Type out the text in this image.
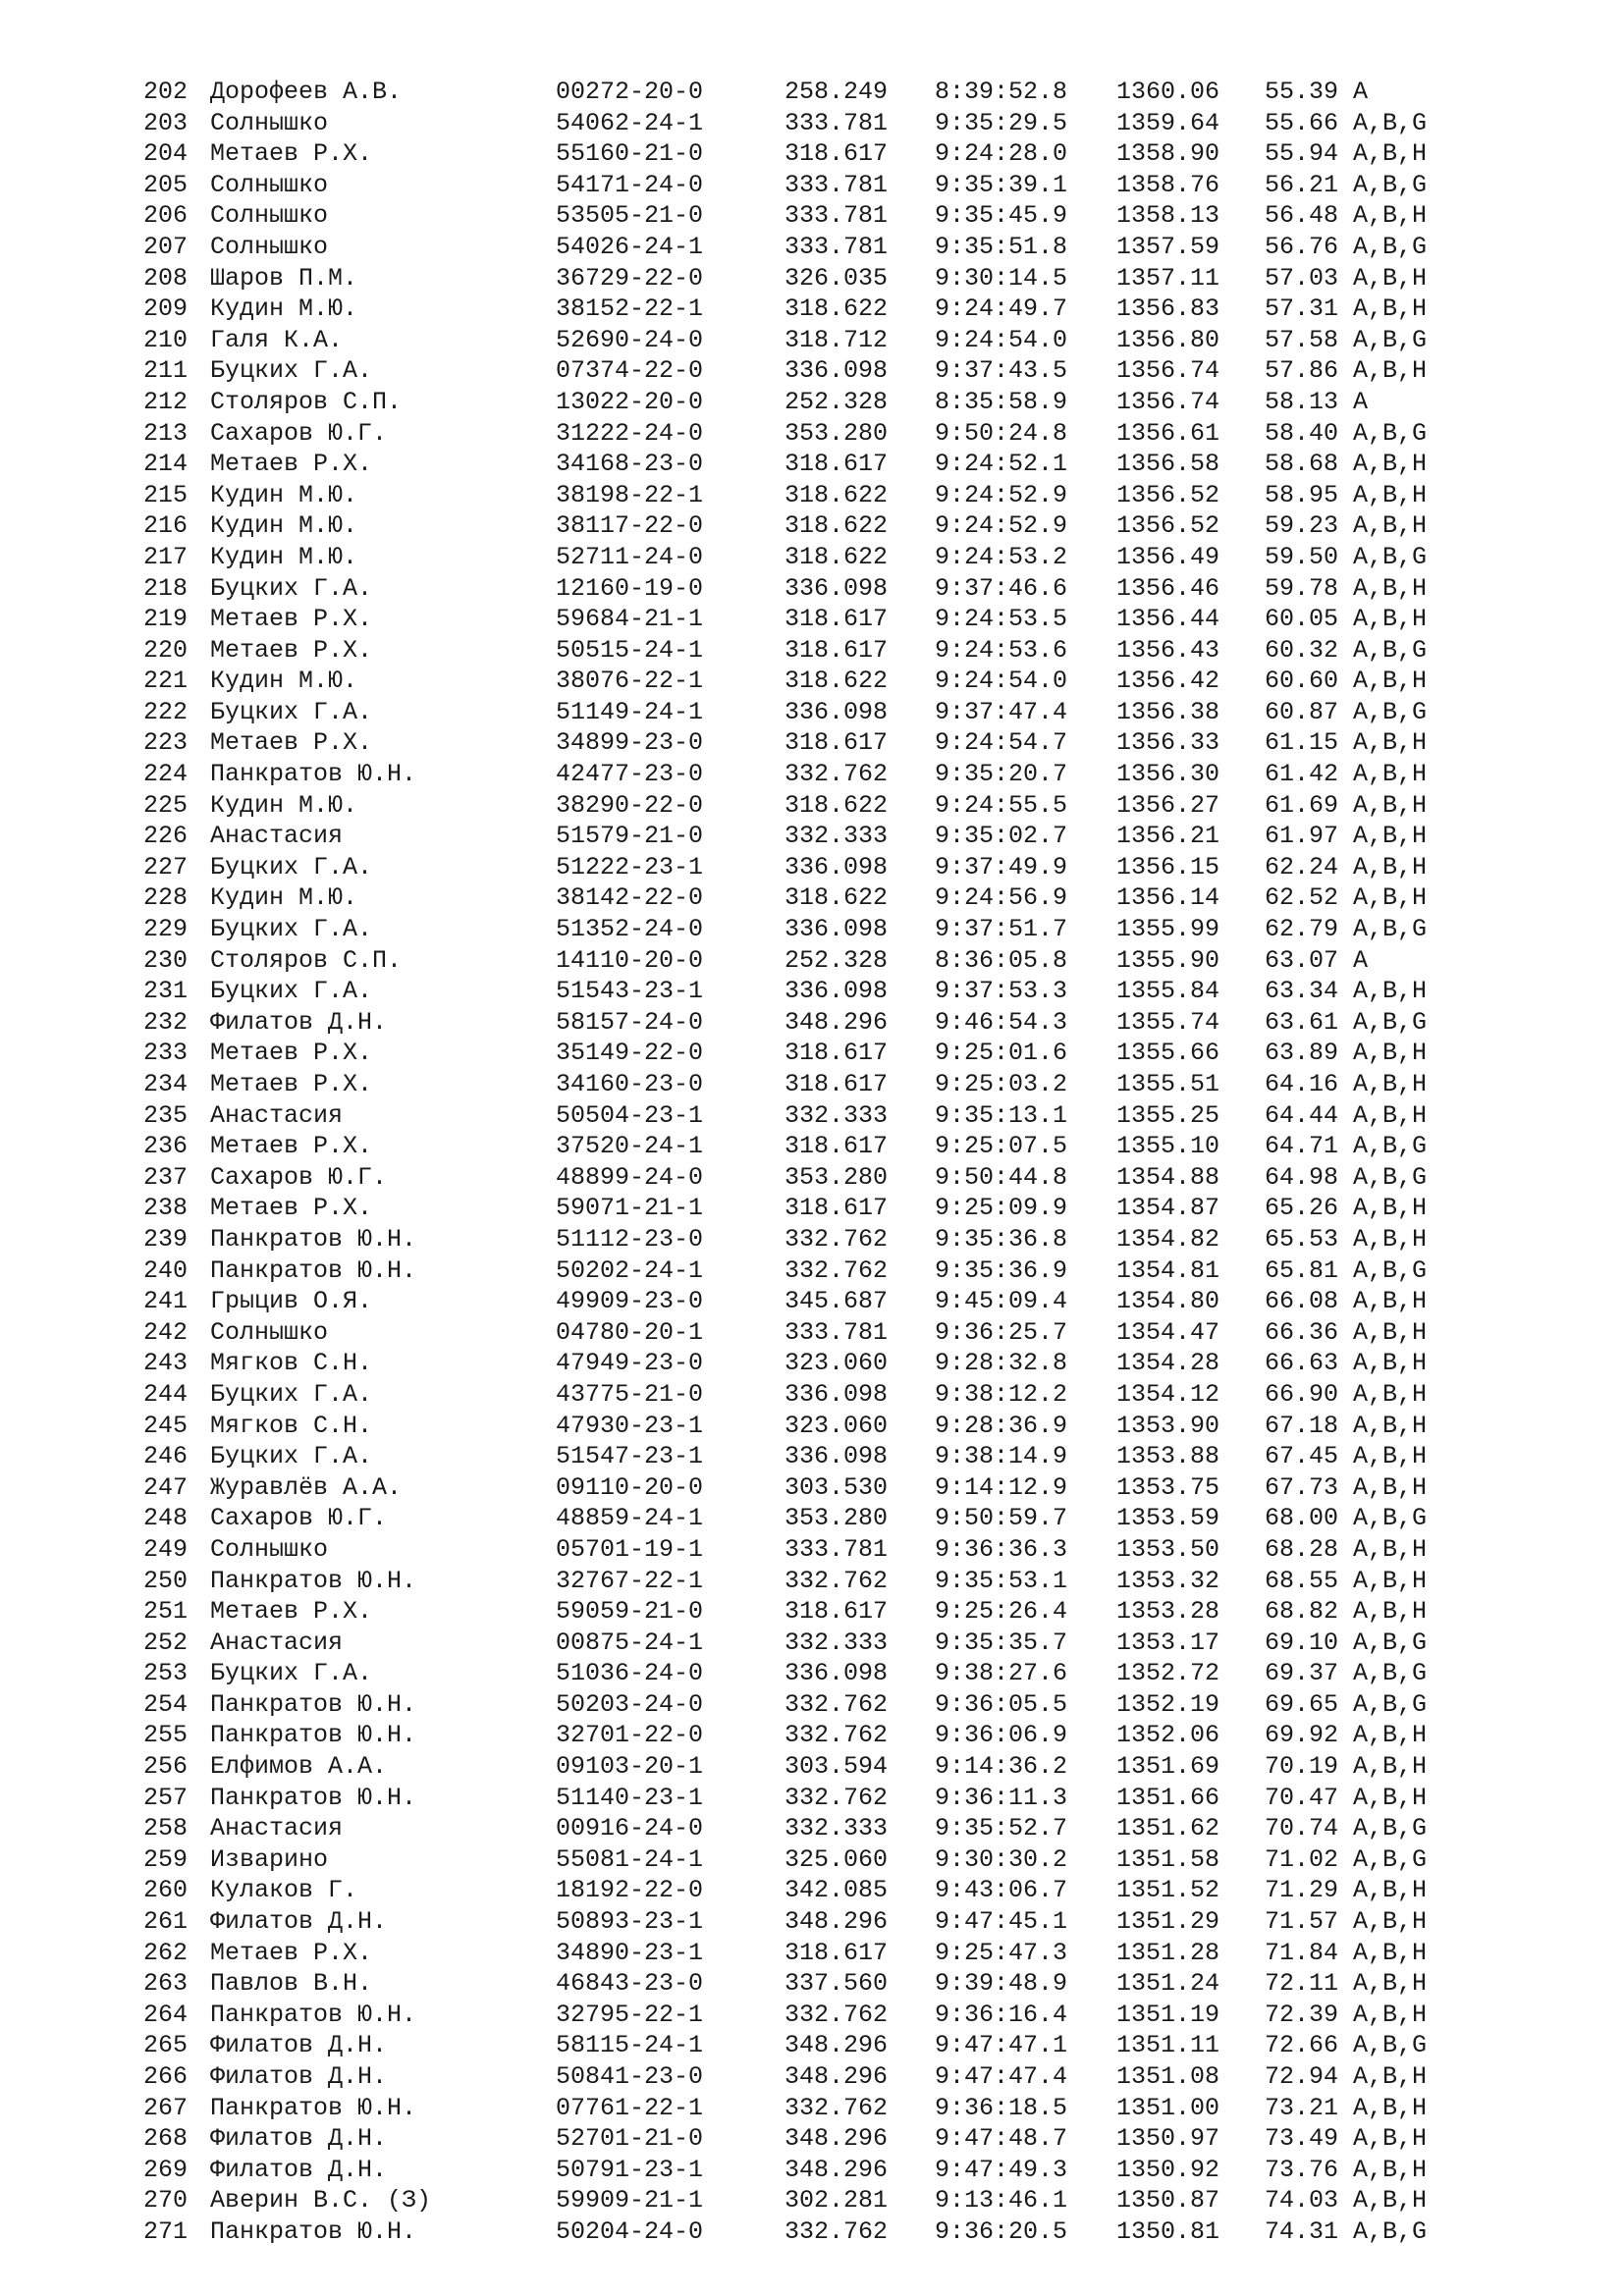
202 Дорофеев А.В.	00272-20-0	258.249 8:39:52.8 1360.06 55.39 A
203 Солнышко	54062-24-1	333.781 9:35:29.5 1359.64 55.66 A,B,G
204 Метаев Р.Х.	55160-21-0	318.617 9:24:28.0 1358.90 55.94 A,B,H
205 Солнышко	54171-24-0	333.781 9:35:39.1 1358.76 56.21 A,B,G
206 Солнышко	53505-21-0	333.781 9:35:45.9 1358.13 56.48 A,B,H
207 Солнышко	54026-24-1	333.781 9:35:51.8 1357.59 56.76 A,B,G
208 Шаров П.М.	36729-22-0	326.035 9:30:14.5 1357.11 57.03 A,B,H
209 Кудин М.Ю.	38152-22-1	318.622 9:24:49.7 1356.83 57.31 A,B,H
210 Галя К.А.	52690-24-0	318.712 9:24:54.0 1356.80 57.58 A,B,G
211 Буцких Г.А.	07374-22-0	336.098 9:37:43.5 1356.74 57.86 A,B,H
212 Столяров С.П.	13022-20-0	252.328 8:35:58.9 1356.74 58.13 A
213 Сахаров Ю.Г.	31222-24-0	353.280 9:50:24.8 1356.61 58.40 A,B,G
214 Метаев Р.Х.	34168-23-0	318.617 9:24:52.1 1356.58 58.68 A,B,H
215 Кудин М.Ю.	38198-22-1	318.622 9:24:52.9 1356.52 58.95 A,B,H
216 Кудин М.Ю.	38117-22-0	318.622 9:24:52.9 1356.52 59.23 A,B,H
217 Кудин М.Ю.	52711-24-0	318.622 9:24:53.2 1356.49 59.50 A,B,G
218 Буцких Г.А.	12160-19-0	336.098 9:37:46.6 1356.46 59.78 A,B,H
219 Метаев Р.Х.	59684-21-1	318.617 9:24:53.5 1356.44 60.05 A,B,H
220 Метаев Р.Х.	50515-24-1	318.617 9:24:53.6 1356.43 60.32 A,B,G
221 Кудин М.Ю.	38076-22-1	318.622 9:24:54.0 1356.42 60.60 A,B,H
222 Буцких Г.А.	51149-24-1	336.098 9:37:47.4 1356.38 60.87 A,B,G
223 Метаев Р.Х.	34899-23-0	318.617 9:24:54.7 1356.33 61.15 A,B,H
224 Панкратов Ю.Н.	42477-23-0	332.762 9:35:20.7 1356.30 61.42 A,B,H
225 Кудин М.Ю.	38290-22-0	318.622 9:24:55.5 1356.27 61.69 A,B,H
226 Анастасия	51579-21-0	332.333 9:35:02.7 1356.21 61.97 A,B,H
227 Буцких Г.А.	51222-23-1	336.098 9:37:49.9 1356.15 62.24 A,B,H
228 Кудин М.Ю.	38142-22-0	318.622 9:24:56.9 1356.14 62.52 A,B,H
229 Буцких Г.А.	51352-24-0	336.098 9:37:51.7 1355.99 62.79 A,B,G
230 Столяров С.П.	14110-20-0	252.328 8:36:05.8 1355.90 63.07 A
231 Буцких Г.А.	51543-23-1	336.098 9:37:53.3 1355.84 63.34 A,B,H
232 Филатов Д.Н.	58157-24-0	348.296 9:46:54.3 1355.74 63.61 A,B,G
233 Метаев Р.Х.	35149-22-0	318.617 9:25:01.6 1355.66 63.89 A,B,H
234 Метаев Р.Х.	34160-23-0	318.617 9:25:03.2 1355.51 64.16 A,B,H
235 Анастасия	50504-23-1	332.333 9:35:13.1 1355.25 64.44 A,B,H
236 Метаев Р.Х.	37520-24-1	318.617 9:25:07.5 1355.10 64.71 A,B,G
237 Сахаров Ю.Г.	48899-24-0	353.280 9:50:44.8 1354.88 64.98 A,B,G
238 Метаев Р.Х.	59071-21-1	318.617 9:25:09.9 1354.87 65.26 A,B,H
239 Панкратов Ю.Н.	51112-23-0	332.762 9:35:36.8 1354.82 65.53 A,B,H
240 Панкратов Ю.Н.	50202-24-1	332.762 9:35:36.9 1354.81 65.81 A,B,G
241 Грыцив О.Я.	49909-23-0	345.687 9:45:09.4 1354.80 66.08 A,B,H
242 Солнышко	04780-20-1	333.781 9:36:25.7 1354.47 66.36 A,B,H
243 Мягков С.Н.	47949-23-0	323.060 9:28:32.8 1354.28 66.63 A,B,H
244 Буцких Г.А.	43775-21-0	336.098 9:38:12.2 1354.12 66.90 A,B,H
245 Мягков С.Н.	47930-23-1	323.060 9:28:36.9 1353.90 67.18 A,B,H
246 Буцких Г.А.	51547-23-1	336.098 9:38:14.9 1353.88 67.45 A,B,H
247 Журавлёв А.А.	09110-20-0	303.530 9:14:12.9 1353.75 67.73 A,B,H
248 Сахаров Ю.Г.	48859-24-1	353.280 9:50:59.7 1353.59 68.00 A,B,G
249 Солнышко	05701-19-1	333.781 9:36:36.3 1353.50 68.28 A,B,H
250 Панкратов Ю.Н.	32767-22-1	332.762 9:35:53.1 1353.32 68.55 A,B,H
251 Метаев Р.Х.	59059-21-0	318.617 9:25:26.4 1353.28 68.82 A,B,H
252 Анастасия	00875-24-1	332.333 9:35:35.7 1353.17 69.10 A,B,G
253 Буцких Г.А.	51036-24-0	336.098 9:38:27.6 1352.72 69.37 A,B,G
254 Панкратов Ю.Н.	50203-24-0	332.762 9:36:05.5 1352.19 69.65 A,B,G
255 Панкратов Ю.Н.	32701-22-0	332.762 9:36:06.9 1352.06 69.92 A,B,H
256 Елфимов А.А.	09103-20-1	303.594 9:14:36.2 1351.69 70.19 A,B,H
257 Панкратов Ю.Н.	51140-23-1	332.762 9:36:11.3 1351.66 70.47 A,B,H
258 Анастасия	00916-24-0	332.333 9:35:52.7 1351.62 70.74 A,B,G
259 Изварино	55081-24-1	325.060 9:30:30.2 1351.58 71.02 A,B,G
260 Кулаков Г.	18192-22-0	342.085 9:43:06.7 1351.52 71.29 A,B,H
261 Филатов Д.Н.	50893-23-1	348.296 9:47:45.1 1351.29 71.57 A,B,H
262 Метаев Р.Х.	34890-23-1	318.617 9:25:47.3 1351.28 71.84 A,B,H
263 Павлов В.Н.	46843-23-0	337.560 9:39:48.9 1351.24 72.11 A,B,H
264 Панкратов Ю.Н.	32795-22-1	332.762 9:36:16.4 1351.19 72.39 A,B,H
265 Филатов Д.Н.	58115-24-1	348.296 9:47:47.1 1351.11 72.66 A,B,G
266 Филатов Д.Н.	50841-23-0	348.296 9:47:47.4 1351.08 72.94 A,B,H
267 Панкратов Ю.Н.	07761-22-1	332.762 9:36:18.5 1351.00 73.21 A,B,H
268 Филатов Д.Н.	52701-21-0	348.296 9:47:48.7 1350.97 73.49 A,B,H
269 Филатов Д.Н.	50791-23-1	348.296 9:47:49.3 1350.92 73.76 A,B,H
270 Аверин В.С. (З)	59909-21-1	302.281 9:13:46.1 1350.87 74.03 A,B,H
271 Панкратов Ю.Н.	50204-24-0	332.762 9:36:20.5 1350.81 74.31 A,B,G
